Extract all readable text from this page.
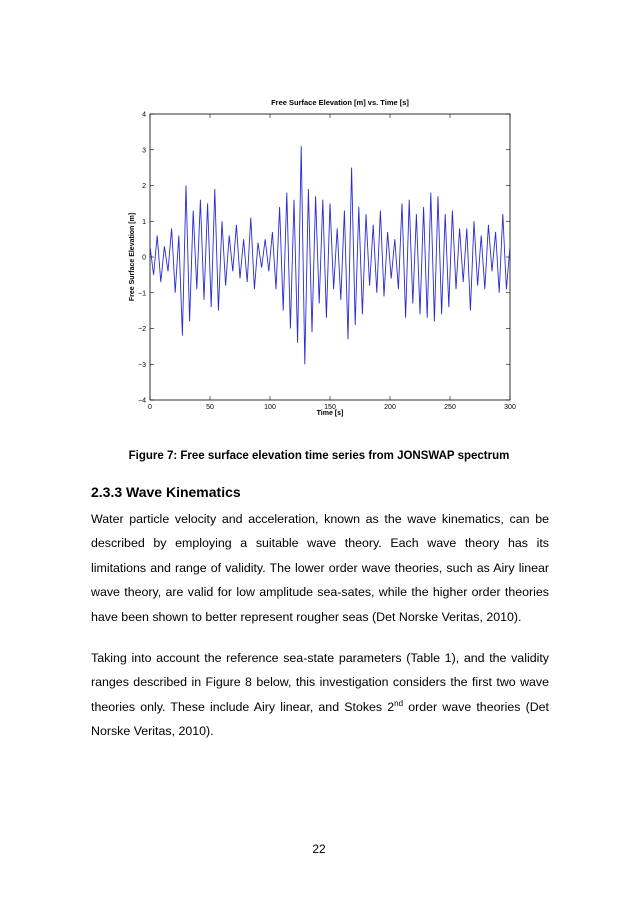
Free Surface Elevation [m] vs. Time [s]
4
3
2
1
0
−1
−2
−3
−4
0	50	100	150	200	250	300
Time [s]
Free Surface Elevation [m]
Figure 7: Free surface elevation time series from JONSWAP spectrum
2.3.3 Wave Kinematics

Water particle velocity and acceleration, known as the wave kinematics, can be described by employing a suitable wave theory. Each wave theory has its limitations and range of validity. The lower order wave theories, such as Airy linear wave theory, are valid for low amplitude sea-sates, while the higher order theories have been shown to better represent rougher seas (Det Norske Veritas, 2010).

Taking into account the reference sea-state parameters (Table 1), and the validity ranges described in Figure 8 below, this investigation considers the first two wave theories only. These include Airy linear, and Stokes 2nd order wave theories (Det Norske Veritas, 2010).

22
